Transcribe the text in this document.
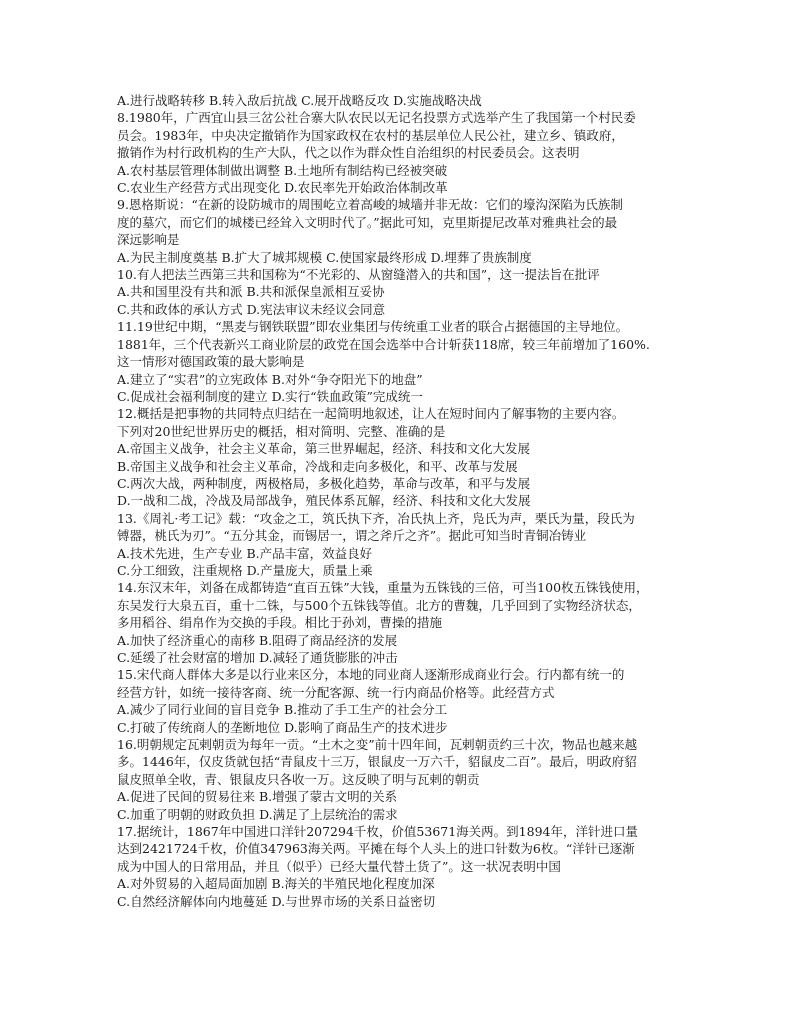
A.进行战略转移 B.转入敌后抗战 C.展开战略反攻 D.实施战略决战
8.1980年，广西宜山县三岔公社合寨大队农民以无记名投票方式选举产生了我国第一个村民委
员会。1983年，中央决定撤销作为国家政权在农村的基层单位人民公社，建立乡、镇政府，
撤销作为村行政机构的生产大队，代之以作为群众性自治组织的村民委员会。这表明
A.农村基层管理体制做出调整 B.土地所有制结构已经被突破
C.农业生产经营方式出现变化 D.农民率先开始政治体制改革
9.恩格斯说：“在新的设防城市的周围屹立着高峻的城墙并非无故：它们的壕沟深陷为氏族制
度的墓穴，而它们的城楼已经耸入文明时代了。”据此可知，克里斯提尼改革对雅典社会的最
深远影响是
A.为民主制度奠基 B.扩大了城邦规模 C.使国家最终形成 D.埋葬了贵族制度
10.有人把法兰西第三共和国称为“不光彩的、从窗缝潜入的共和国”，这一提法旨在批评
A.共和国里没有共和派 B.共和派保皇派相互妥协
C.共和政体的承认方式 D.宪法审议未经议会同意
11.19世纪中期，“黑麦与钢铁联盟”即农业集团与传统重工业者的联合占据德国的主导地位。
1881年，三个代表新兴工商业阶层的政党在国会选举中合计斩获118席，较三年前增加了160%.
这一情形对德国政策的最大影响是
A.建立了“实君”的立宪政体 B.对外“争夺阳光下的地盘”
C.促成社会福利制度的建立 D.实行“铁血政策”完成统一
12.概括是把事物的共同特点归结在一起简明地叙述，让人在短时间内了解事物的主要内容。
下列对20世纪世界历史的概括，相对简明、完整、准确的是
A.帝国主义战争，社会主义革命，第三世界崛起，经济、科技和文化大发展
B.帝国主义战争和社会主义革命，冷战和走向多极化，和平、改革与发展
C.两次大战，两种制度，两极格局，多极化趋势，革命与改革，和平与发展
D.一战和二战，冷战及局部战争，殖民体系瓦解，经济、科技和文化大发展
13.《周礼·考工记》载：“攻金之工，筑氏执下齐，冶氏执上齐，凫氏为声，栗氏为量，段氏为
镈器，桃氏为刃”。“五分其金，而锡居一，谓之斧斤之齐”。据此可知当时青铜冶铸业
A.技术先进，生产专业 B.产品丰富，效益良好
C.分工细致，注重规格 D.产量庞大，质量上乘
14.东汉末年，刘备在成都铸造“直百五铢”大钱，重量为五铢钱的三倍，可当100枚五铢钱使用，
东吴发行大泉五百，重十二铢，与500个五铢钱等值。北方的曹魏，几乎回到了实物经济状态，
多用稻谷、绢帛作为交换的手段。相比于孙刘，曹操的措施
A.加快了经济重心的南移 B.阻碍了商品经济的发展
C.延缓了社会财富的增加 D.减轻了通货膨胀的冲击
15.宋代商人群体大多是以行业来区分，本地的同业商人逐渐形成商业行会。行内都有统一的
经营方针，如统一接待客商、统一分配客源、统一行内商品价格等。此经营方式
A.减少了同行业间的盲目竞争 B.推动了手工生产的社会分工
C.打破了传统商人的垄断地位 D.影响了商品生产的技术进步
16.明朝规定瓦剌朝贡为每年一贡。“土木之变”前十四年间，瓦剌朝贡约三十次，物品也越来越
多。1446年，仅皮货就包括“青鼠皮十三万，银鼠皮一万六千，貂鼠皮二百”。最后，明政府貂
鼠皮照单全收，青、银鼠皮只各收一万。这反映了明与瓦剌的朝贡
A.促进了民间的贸易往来 B.增强了蒙古文明的关系
C.加重了明朝的财政负担 D.满足了上层统治的需求
17.据统计，1867年中国进口洋针207294千枚，价值53671海关两。到1894年，洋针进口量
达到2421724千枚，价值347963海关两。平摊在每个人头上的进口针数为6枚。“洋针已逐渐
成为中国人的日常用品，并且（似乎）已经大量代替土货了”。这一状况表明中国
A.对外贸易的入超局面加剧 B.海关的半殖民地化程度加深
C.自然经济解体向内地蔓延 D.与世界市场的关系日益密切
